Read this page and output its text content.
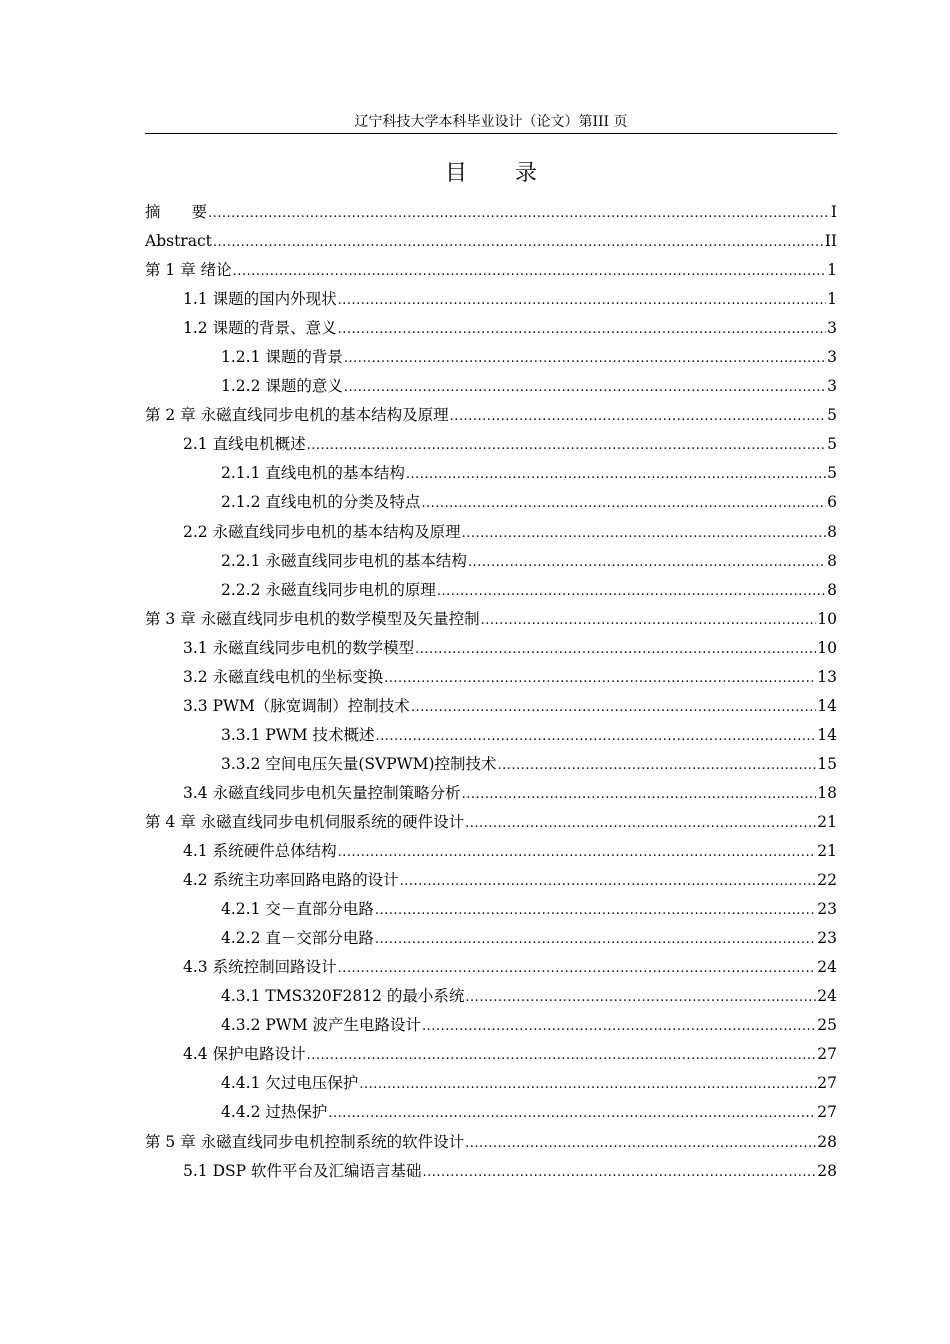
辽宁科技大学本科毕业设计（论文）第III 页
目 录
摘　　要 .....	I
Abstract .....	II
第 1 章 绪论 .....	1
1.1 课题的国内外现状 .....	1
1.2 课题的背景、意义 .....	3
1.2.1 课题的背景 .....	3
1.2.2 课题的意义 .....	3
第 2 章 永磁直线同步电机的基本结构及原理 .....	5
2.1 直线电机概述 .....	5
2.1.1 直线电机的基本结构 .....	5
2.1.2 直线电机的分类及特点 .....	6
2.2 永磁直线同步电机的基本结构及原理 .....	8
2.2.1 永磁直线同步电机的基本结构 .....	8
2.2.2 永磁直线同步电机的原理 .....	8
第 3 章 永磁直线同步电机的数学模型及矢量控制 .....	10
3.1 永磁直线同步电机的数学模型 .....	10
3.2 永磁直线电机的坐标变换 .....	13
3.3 PWM（脉宽调制）控制技术 .....	14
3.3.1 PWM 技术概述 .....	14
3.3.2 空间电压矢量(SVPWM)控制技术 .....	15
3.4 永磁直线同步电机矢量控制策略分析 .....	18
第 4 章 永磁直线同步电机伺服系统的硬件设计 .....	21
4.1 系统硬件总体结构 .....	21
4.2 系统主功率回路电路的设计 .....	22
4.2.1 交－直部分电路 .....	23
4.2.2 直－交部分电路 .....	23
4.3 系统控制回路设计 .....	24
4.3.1 TMS320F2812 的最小系统 .....	24
4.3.2 PWM 波产生电路设计 .....	25
4.4 保护电路设计 .....	27
4.4.1 欠过电压保护 .....	27
4.4.2 过热保护 .....	27
第 5 章 永磁直线同步电机控制系统的软件设计 .....	28
5.1 DSP 软件平台及汇编语言基础 .....	28
